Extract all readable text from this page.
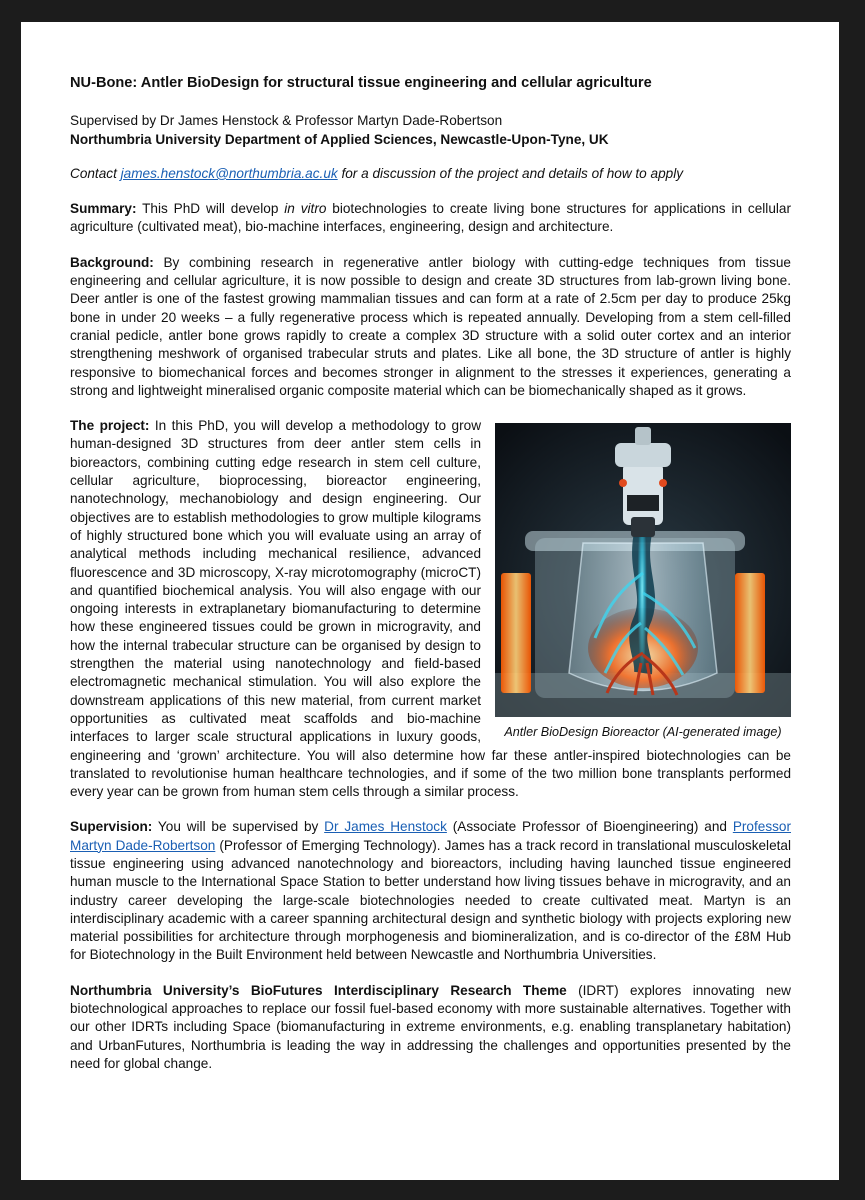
NU-Bone: Antler BioDesign for structural tissue engineering and cellular agriculture

Supervised by Dr James Henstock & Professor Martyn Dade-Robertson

Northumbria University Department of Applied Sciences, Newcastle-Upon-Tyne, UK

Contact james.henstock@northumbria.ac.uk for a discussion of the project and details of how to apply

Summary: This PhD will develop in vitro biotechnologies to create living bone structures for applications in cellular agriculture (cultivated meat), bio-machine interfaces, engineering, design and architecture.

Background: By combining research in regenerative antler biology with cutting-edge techniques from tissue engineering and cellular agriculture, it is now possible to design and create 3D structures from lab-grown living bone. Deer antler is one of the fastest growing mammalian tissues and can form at a rate of 2.5cm per day to produce 25kg bone in under 20 weeks – a fully regenerative process which is repeated annually. Developing from a stem cell-filled cranial pedicle, antler bone grows rapidly to create a complex 3D structure with a solid outer cortex and an interior strengthening meshwork of organised trabecular struts and plates. Like all bone, the 3D structure of antler is highly responsive to biomechanical forces and becomes stronger in alignment to the stresses it experiences, generating a strong and lightweight mineralised organic composite material which can be biomechanically shaped as it grows.

Antler BioDesign Bioreactor (AI-generated image)

The project: In this PhD, you will develop a methodology to grow human-designed 3D structures from deer antler stem cells in bioreactors, combining cutting edge research in stem cell culture, cellular agriculture, bioprocessing, bioreactor engineering, nanotechnology, mechanobiology and design engineering. Our objectives are to establish methodologies to grow multiple kilograms of highly structured bone which you will evaluate using an array of analytical methods including mechanical resilience, advanced fluorescence and 3D microscopy, X-ray microtomography (microCT) and quantified biochemical analysis. You will also engage with our ongoing interests in extraplanetary biomanufacturing to determine how these engineered tissues could be grown in microgravity, and how the internal trabecular structure can be organised by design to strengthen the material using nanotechnology and field-based electromagnetic mechanical stimulation. You will also explore the downstream applications of this new material, from current market opportunities as cultivated meat scaffolds and bio-machine interfaces to larger scale structural applications in luxury goods, engineering and ‘grown’ architecture. You will also determine how far these antler-inspired biotechnologies can be translated to revolutionise human healthcare technologies, and if some of the two million bone transplants performed every year can be grown from human stem cells through a similar process.

Supervision: You will be supervised by Dr James Henstock (Associate Professor of Bioengineering) and Professor Martyn Dade-Robertson (Professor of Emerging Technology). James has a track record in translational musculoskeletal tissue engineering using advanced nanotechnology and bioreactors, including having launched tissue engineered human muscle to the International Space Station to better understand how living tissues behave in microgravity, and an industry career developing the large-scale biotechnologies needed to create cultivated meat. Martyn is an interdisciplinary academic with a career spanning architectural design and synthetic biology with projects exploring new material possibilities for architecture through morphogenesis and biomineralization, and is co-director of the £8M Hub for Biotechnology in the Built Environment held between Newcastle and Northumbria Universities.

Northumbria University’s BioFutures Interdisciplinary Research Theme (IDRT) explores innovating new biotechnological approaches to replace our fossil fuel-based economy with more sustainable alternatives. Together with our other IDRTs including Space (biomanufacturing in extreme environments, e.g. enabling transplanetary habitation) and UrbanFutures, Northumbria is leading the way in addressing the challenges and opportunities presented by the need for global change.
